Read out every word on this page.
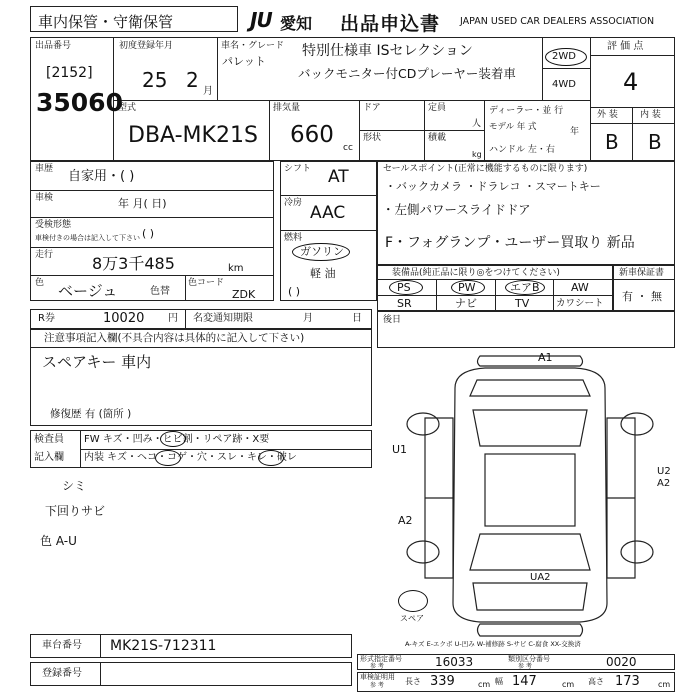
車内保管・守衛保管	JU 愛知 出品申込書 JAPAN USED CAR DEALERS ASSOCIATION
出品番号
[2152]
35060
初度登録年月
25 2 月
車名・グレード
パレット
特別仕様車 ISセレクション
バックモニター付CDプレーヤー装着車
2WD
4WD
評 価 点
4
外 装 内 装
B B
型式
DBA-MK21S
排気量
660 cc
ドア	定員
人
形状	積載
kg
ディーラー・並 行
モデル 年 式	年
ハンドル 左・右
車歴 自家用・( )
車検	年 月( 日)
受検形態
車検付きの場合は記入して下さい ( )
走行 8万3千485	km
色 ベージュ	色替
色コード
ZDK
シフト AT
冷房 AAC
燃料
ガソリン
軽 油
( )
セールスポイント(正常に機能するものに限ります)
・バックカメラ ・ドラレコ ・スマートキー
・左側パワースライドドア
F・フォグランプ・ユーザー買取り 新品
装備品(純正品に限り◎をつけてください)
PS	PW	エアB	AW
SR	ナビ	TV	カワシート
新車保証書
有 ・ 無
R券	10020 円 名変通知期限	月	日 後日
注意事項記入欄(不具合内容は具体的に記入して下さい)
スペアキー 車内
修復歴 有 (箇所 )
検査員
記入欄
FW キズ・凹み・ヒビ割・リペア跡・X要
内装 キズ・ヘコ・コゲ・穴・スレ・キレ・破レ
シミ
下回りサビ
色 A-U
スペア
A1
U1
U2
A2
A2
UA2
A-キズ E-エクボ U-凹み W-補修跡 S-サビ C-腐食 XX-交換済
車台番号 MK21S-712311
登録番号
形式指定番号
参 考	16033	類別区分番号
参 考	0020
車検証明用
参 考	長さ 339	cm 幅 147	cm 高さ 173 cm
